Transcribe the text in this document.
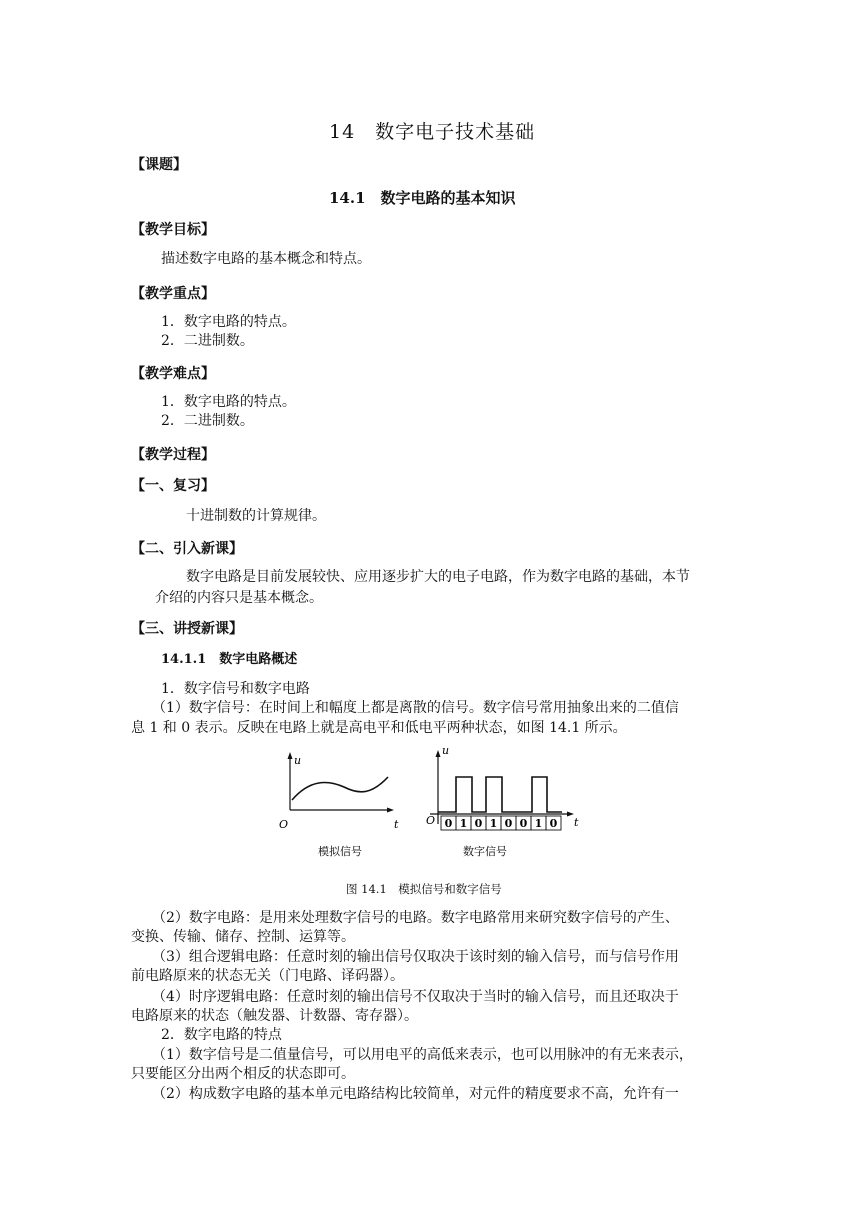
14　数字电子技术基础
【课题】
14.1　数字电路的基本知识
【教学目标】
描述数字电路的基本概念和特点。
【教学重点】
1．数字电路的特点。
2．二进制数。
【教学难点】
1．数字电路的特点。
2．二进制数。
【教学过程】
【一、复习】
十进制数的计算规律。
【二、引入新课】
数字电路是目前发展较快、应用逐步扩大的电子电路，作为数字电路的基础，本节
介绍的内容只是基本概念。
【三、讲授新课】
14.1.1　数字电路概述
1．数字信号和数字电路
（1）数字信号：在时间上和幅度上都是离散的信号。数字信号常用抽象出来的二值信
息 1 和 0 表示。反映在电路上就是高电平和低电平两种状态，如图 14.1 所示。
u
t
O
模拟信号
0 1 0 1 0 0 1 0
u
t
O
数字信号
图 14.1　模拟信号和数字信号
（2）数字电路：是用来处理数字信号的电路。数字电路常用来研究数字信号的产生、
变换、传输、储存、控制、运算等。
（3）组合逻辑电路：任意时刻的输出信号仅取决于该时刻的输入信号，而与信号作用
前电路原来的状态无关（门电路、译码器）。
（4）时序逻辑电路：任意时刻的输出信号不仅取决于当时的输入信号，而且还取决于
电路原来的状态（触发器、计数器、寄存器）。
2．数字电路的特点
（1）数字信号是二值量信号，可以用电平的高低来表示，也可以用脉冲的有无来表示，
只要能区分出两个相反的状态即可。
（2）构成数字电路的基本单元电路结构比较简单，对元件的精度要求不高，允许有一
